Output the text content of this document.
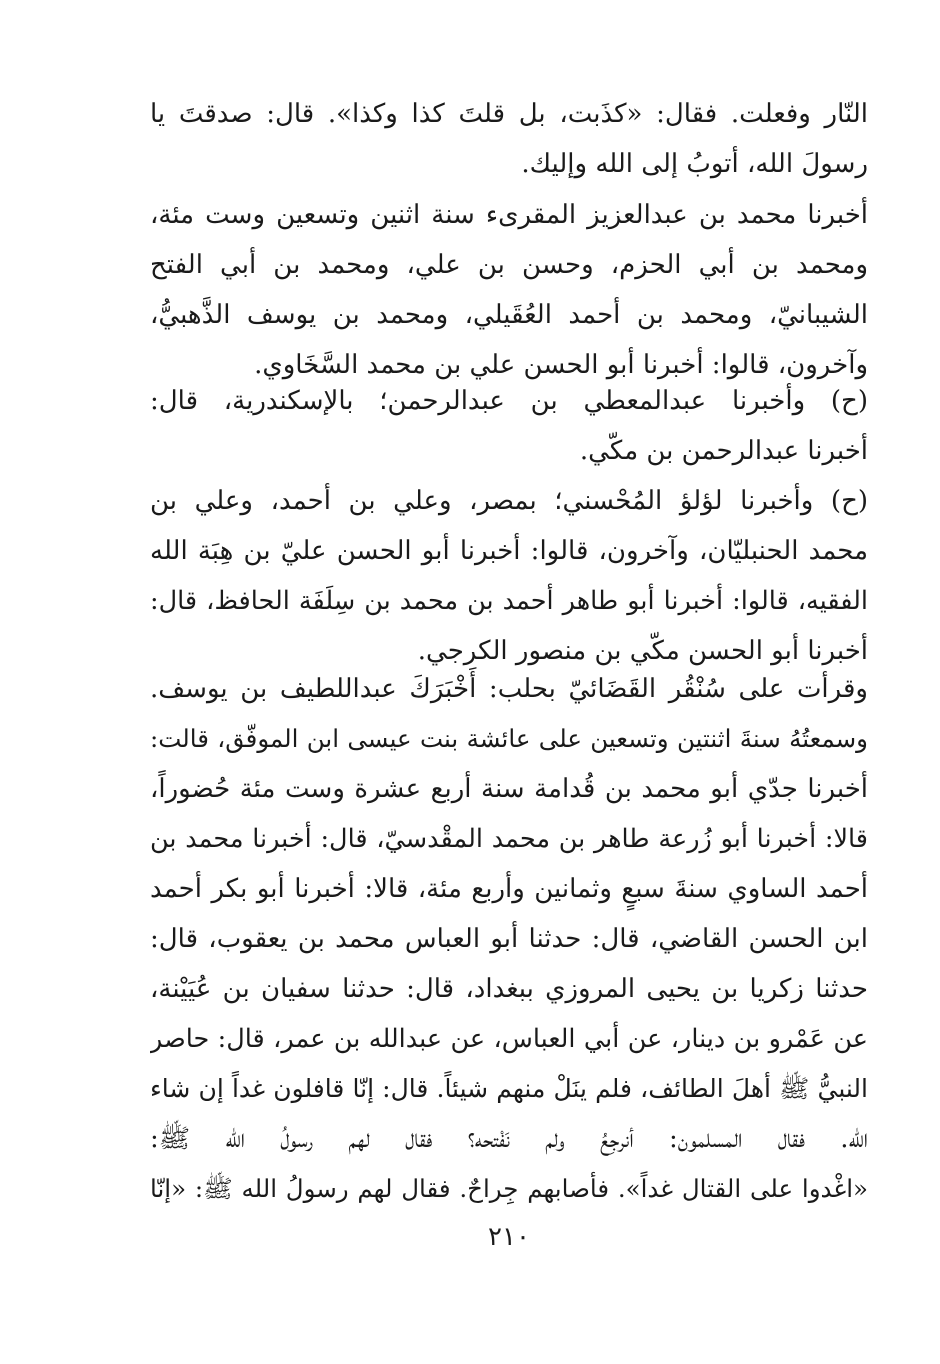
النّار وفعلت. فقال: «كذَبت، بل قلتَ كذا وكذا». قال: صدقتَ يا
رسولَ الله، أتوبُ إلى الله وإليك.
أخبرنا محمد بن عبدالعزيز المقرىء سنة اثنين وتسعين وست مئة،
ومحمد بن أبي الحزم، وحسن بن علي، ومحمد بن أبي الفتح
الشيبانيّ، ومحمد بن أحمد العُقَيلي، ومحمد بن يوسف الذَّهبيُّ،
وآخرون، قالوا: أخبرنا أبو الحسن علي بن محمد السَّخَاوي.
(ح) وأخبرنا عبدالمعطي بن عبدالرحمن؛ بالإسكندرية، قال:
أخبرنا عبدالرحمن بن مكّي.
(ح) وأخبرنا لؤلؤ المُحْسني؛ بمصر، وعلي بن أحمد، وعلي بن
محمد الحنبليّان، وآخرون، قالوا: أخبرنا أبو الحسن عليّ بن هِبَة الله
الفقيه، قالوا: أخبرنا أبو طاهر أحمد بن محمد بن سِلَفَة الحافظ، قال:
أخبرنا أبو الحسن مكّي بن منصور الكرجي.
وقرأت على سُنْقُر القَضَائيّ بحلب: أَخْبَرَكَ عبداللطيف بن يوسف.
وسمعتُهُ سنةَ اثنتين وتسعين على عائشة بنت عيسى ابن الموفّق، قالت:
أخبرنا جدّي أبو محمد بن قُدامة سنة أربع عشرة وست مئة حُضوراً،
قالا: أخبرنا أبو زُرعة طاهر بن محمد المقْدسيّ، قال: أخبرنا محمد بن
أحمد الساوي سنةَ سبعٍ وثمانين وأربع مئة، قالا: أخبرنا أبو بكر أحمد
ابن الحسن القاضي، قال: حدثنا أبو العباس محمد بن يعقوب، قال:
حدثنا زكريا بن يحيى المروزي ببغداد، قال: حدثنا سفيان بن عُيَيْنة،
عن عَمْرو بن دينار، عن أبي العباس، عن عبدالله بن عمر، قال: حاصر
النبيُّ ﷺ أهلَ الطائف، فلم ينَلْ منهم شيئاً. قال: إنّا قافلون غداً إن شاء
الله. فقال المسلمون: أنرجِعُ ولم نَفْتحه؟ فقال لهم رسولُ الله ﷺ:
«اغْدوا على القتال غداً». فأصابهم جِراحٌ. فقال لهم رسولُ الله ﷺ: «إنّا
٢١٠
